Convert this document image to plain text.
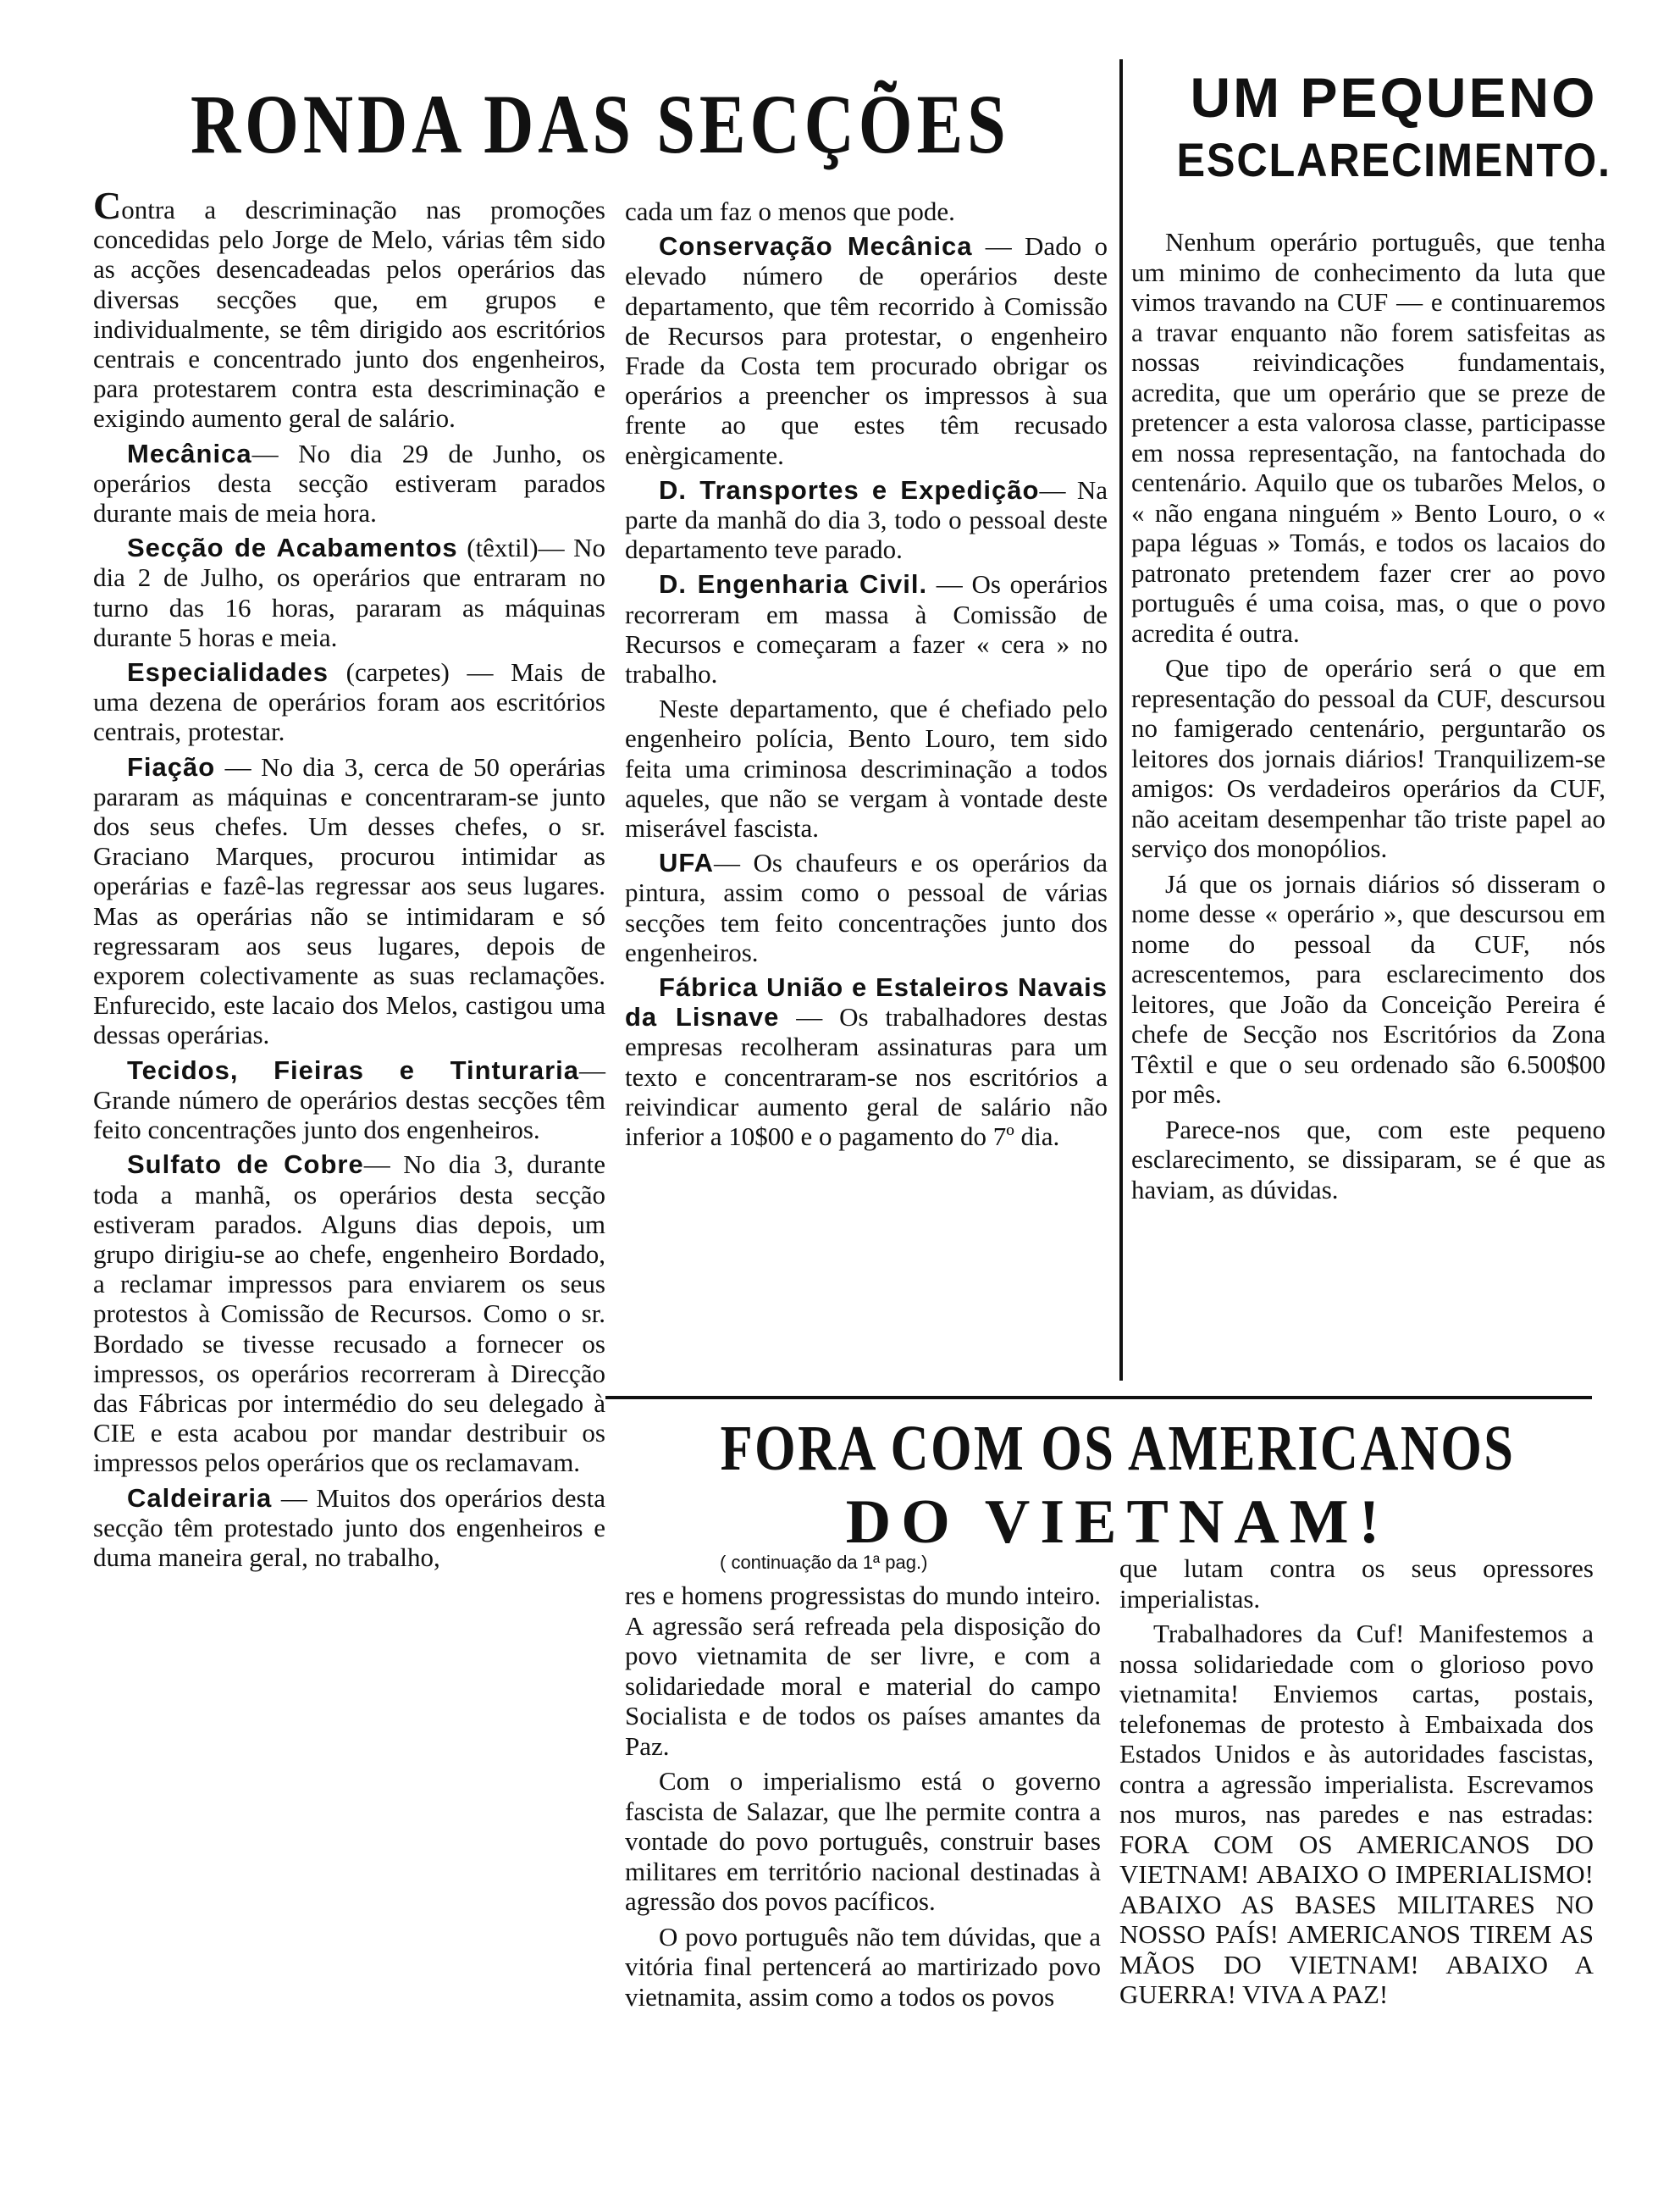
RONDA DAS SECÇÕES	UM PEQUENO
ESCLARECIMENTO.

Contra a descriminação nas promoções concedidas pelo Jorge de Melo, várias têm sido as acções desencadeadas pelos operários das diversas secções que, em grupos e individualmente, se têm dirigido aos escritórios centrais e concentrado junto dos engenheiros, para protestarem contra esta descriminação e exigindo aumento geral de salário.

Mecânica— No dia 29 de Junho, os operários desta secção estiveram parados durante mais de meia hora.

Secção de Acabamentos (têxtil)— No dia 2 de Julho, os operários que entraram no turno das 16 horas, pararam as máquinas durante 5 horas e meia.

Especialidades (carpetes) — Mais de uma dezena de operários foram aos escritórios centrais, protestar.

Fiação — No dia 3, cerca de 50 operárias pararam as máquinas e concentraram-se junto dos seus chefes. Um desses chefes, o sr. Graciano Marques, procurou intimidar as operárias e fazê-las regressar aos seus lugares. Mas as operárias não se intimidaram e só regressaram aos seus lugares, depois de exporem colectivamente as suas reclamações. Enfurecido, este lacaio dos Melos, castigou uma dessas operárias.

Tecidos, Fieiras e Tinturaria— Grande número de operários destas secções têm feito concentrações junto dos engenheiros.

Sulfato de Cobre— No dia 3, durante toda a manhã, os operários desta secção estiveram parados. Alguns dias depois, um grupo dirigiu-se ao chefe, engenheiro Bordado, a reclamar impressos para enviarem os seus protestos à Comissão de Recursos. Como o sr. Bordado se tivesse recusado a fornecer os impressos, os operários recorreram à Direcção das Fábricas por intermédio do seu delegado à CIE e esta acabou por mandar destribuir os impressos pelos operários que os reclamavam.

Caldeiraria — Muitos dos operários desta secção têm protestado junto dos engenheiros e duma maneira geral, no trabalho,

cada um faz o menos que pode.

Conservação Mecânica — Dado o elevado número de operários deste departamento, que têm recorrido à Comissão de Recursos para protestar, o engenheiro Frade da Costa tem procurado obrigar os operários a preencher os impressos à sua frente ao que estes têm recusado enèrgicamente.

D. Transportes e Expedição— Na parte da manhã do dia 3, todo o pessoal deste departamento teve parado.

D. Engenharia Civil. — Os operários recorreram em massa à Comissão de Recursos e começaram a fazer « cera » no trabalho.

Neste departamento, que é chefiado pelo engenheiro polícia, Bento Louro, tem sido feita uma criminosa descriminação a todos aqueles, que não se vergam à vontade deste miserável fascista.

UFA— Os chaufeurs e os operários da pintura, assim como o pessoal de várias secções tem feito concentrações junto dos engenheiros.

Fábrica União e Estaleiros Navais da Lisnave — Os trabalhadores destas empresas recolheram assinaturas para um texto e concentraram-se nos escritórios a reivindicar aumento geral de salário não inferior a 10$00 e o pagamento do 7º dia.

Nenhum operário português, que tenha um minimo de conhecimento da luta que vimos travando na CUF — e continuaremos a travar enquanto não forem satisfeitas as nossas reivindicações fundamentais, acredita, que um operário que se preze de pretencer a esta valorosa classe, participasse em nossa representação, na fantochada do centenário. Aquilo que os tubarões Melos, o « não engana ninguém » Bento Louro, o « papa léguas » Tomás, e todos os lacaios do patronato pretendem fazer crer ao povo português é uma coisa, mas, o que o povo acredita é outra.

Que tipo de operário será o que em representação do pessoal da CUF, descursou no famigerado centenário, perguntarão os leitores dos jornais diários! Tranquilizem-se amigos: Os verdadeiros operários da CUF, não aceitam desempenhar tão triste papel ao serviço dos monopólios.

Já que os jornais diários só disseram o nome desse « operário », que descursou em nome do pessoal da CUF, nós acrescentemos, para esclarecimento dos leitores, que João da Conceição Pereira é chefe de Secção nos Escritórios da Zona Têxtil e que o seu ordenado são 6.500$00 por mês.

Parece-nos que, com este pequeno esclarecimento, se dissiparam, se é que as haviam, as dúvidas.

FORA COM OS AMERICANOS
DO VIETNAM!
( continuação da 1ª pag.)

res e homens progressistas do mundo inteiro. A agressão será refreada pela disposição do povo vietnamita de ser livre, e com a solidariedade moral e material do campo Socialista e de todos os países amantes da Paz.

Com o imperialismo está o governo fascista de Salazar, que lhe permite contra a vontade do povo português, construir bases militares em território nacional destinadas à agressão dos povos pacíficos.

O povo português não tem dúvidas, que a vitória final pertencerá ao martirizado povo vietnamita, assim como a todos os povos

que lutam contra os seus opressores imperialistas.

Trabalhadores da Cuf! Manifestemos a nossa solidariedade com o glorioso povo vietnamita! Enviemos cartas, postais, telefonemas de protesto à Embaixada dos Estados Unidos e às autoridades fascistas, contra a agressão imperialista. Escrevamos nos muros, nas paredes e nas estradas: FORA COM OS AMERICANOS DO VIETNAM! ABAIXO O IMPERIALISMO! ABAIXO AS BASES MILITARES NO NOSSO PAÍS! AMERICANOS TIREM AS MÃOS DO VIETNAM! ABAIXO A GUERRA! VIVA A PAZ!
